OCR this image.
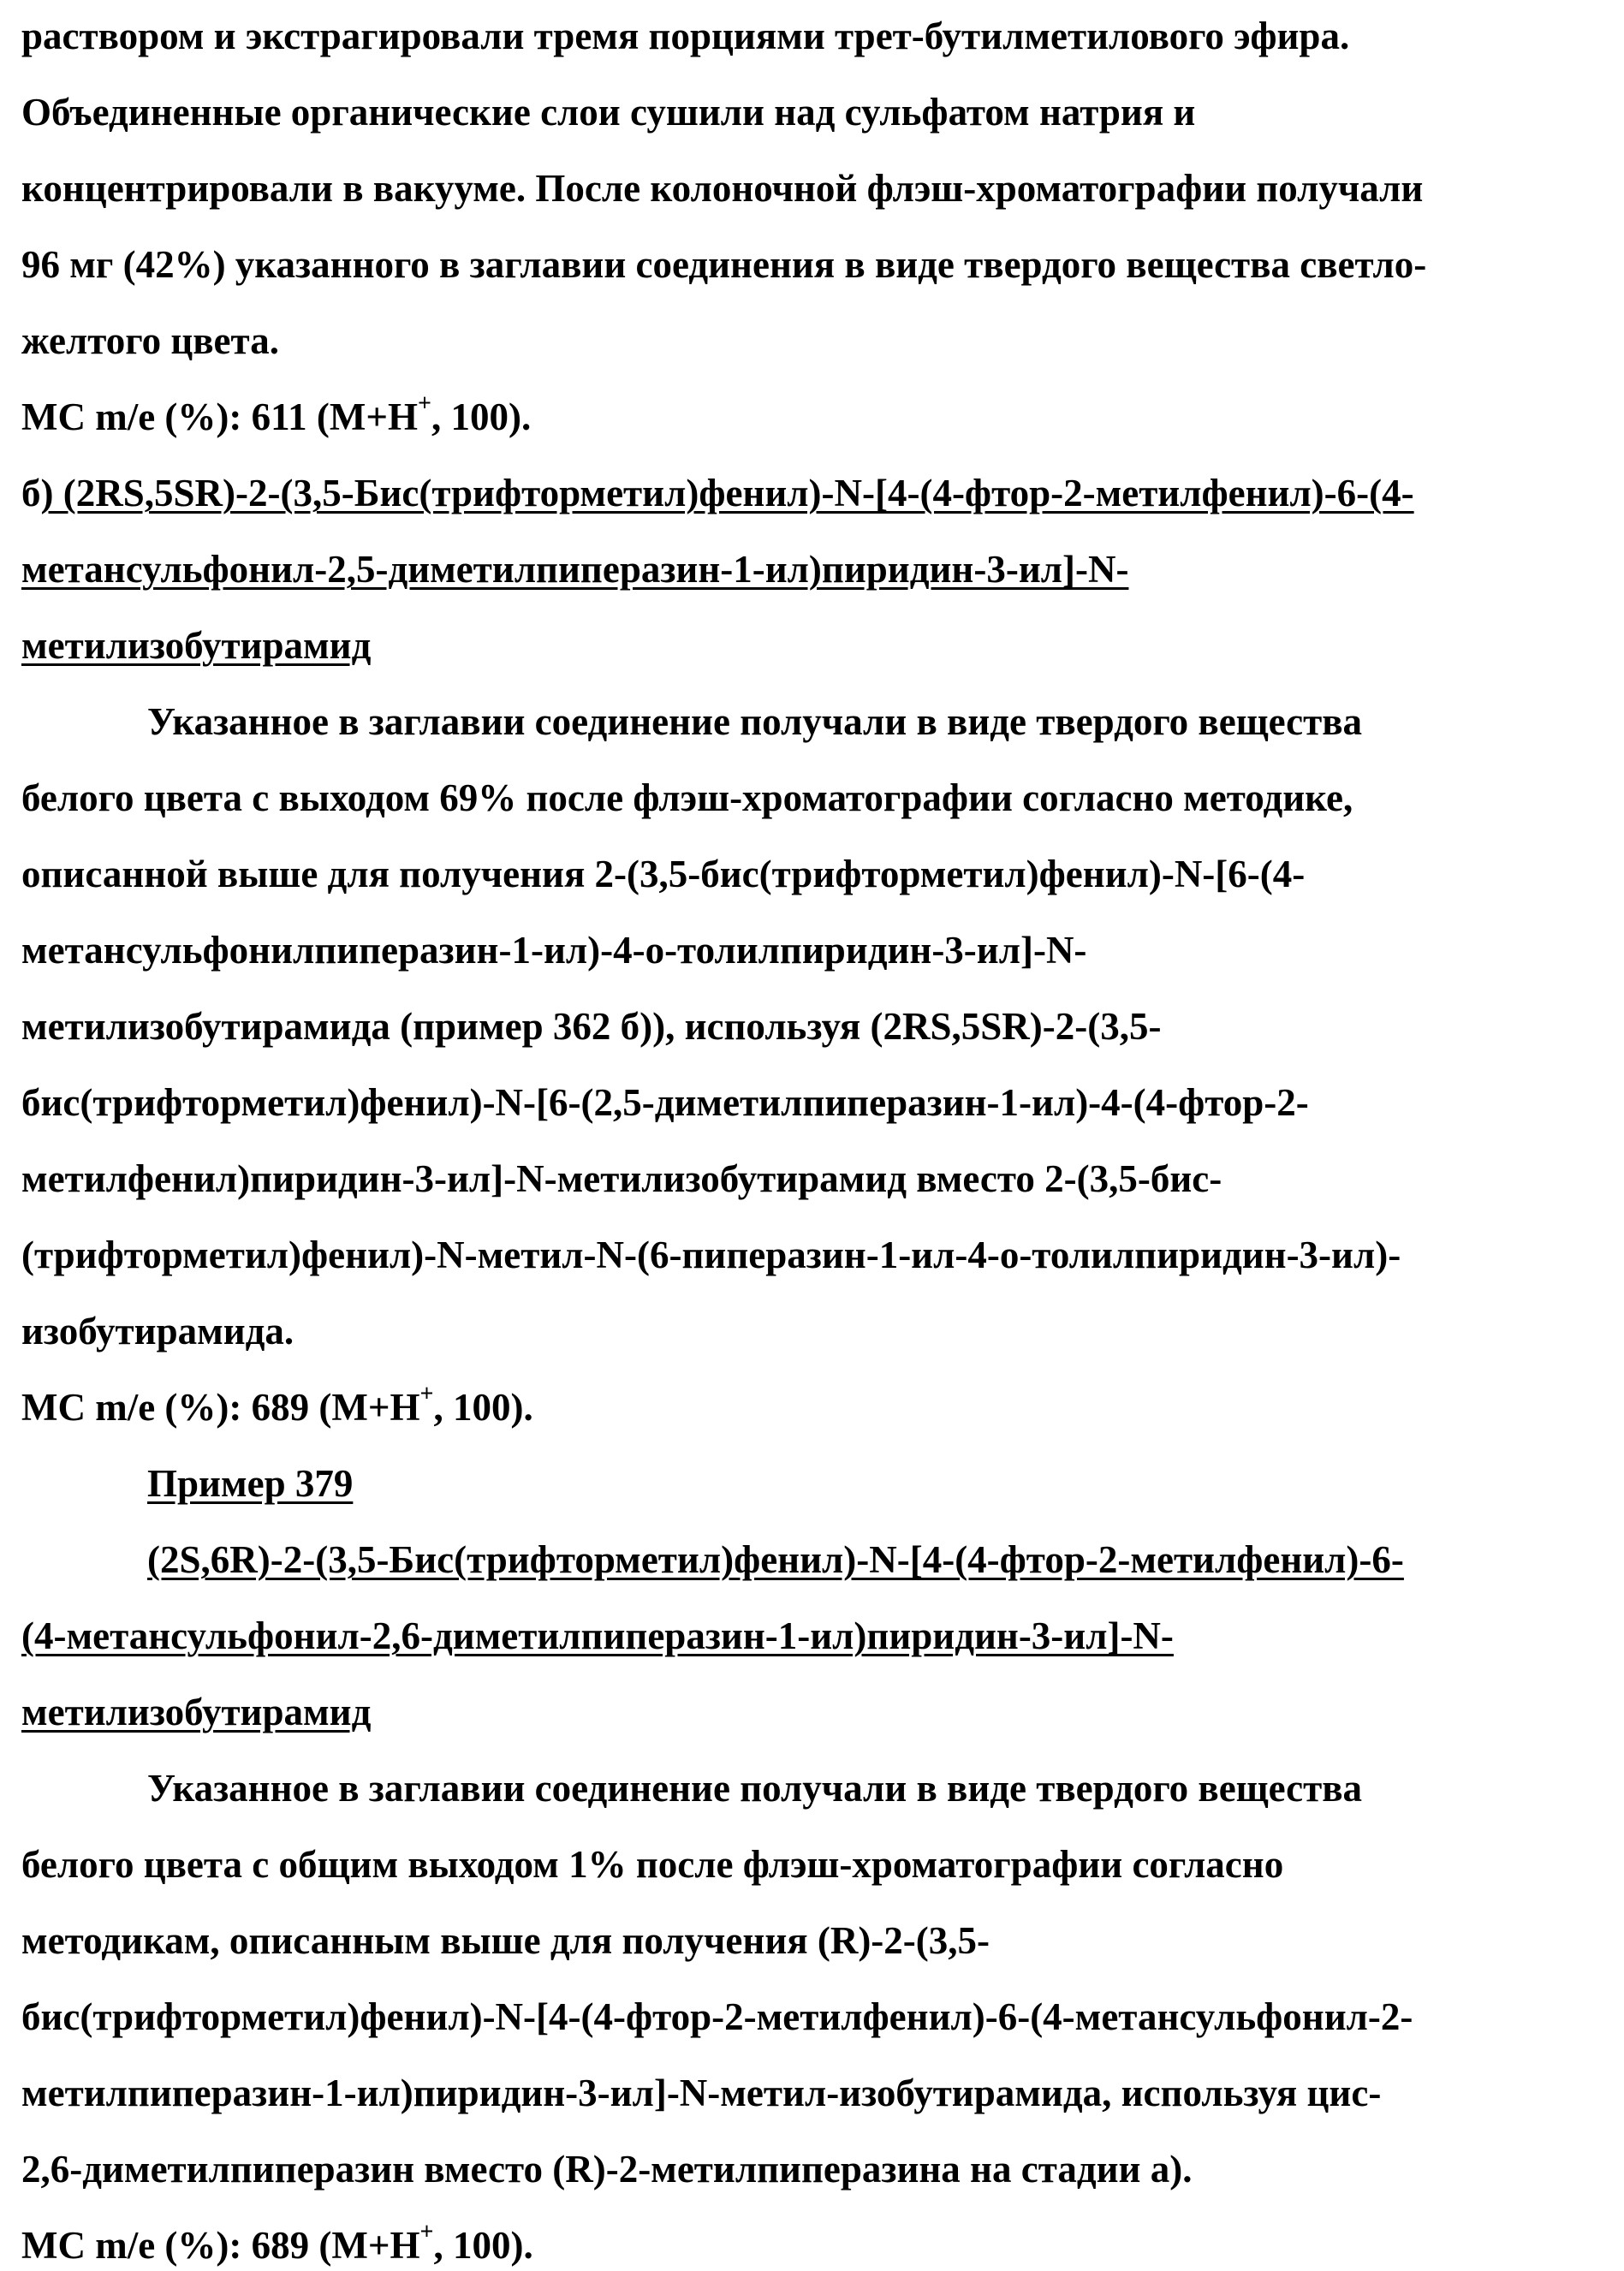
раствором и экстрагировали тремя порциями трет-бутилметилового эфира.
Объединенные органические слои сушили над сульфатом натрия и
концентрировали в вакууме. После колоночной флэш-хроматографии получали
96 мг (42%) указанного в заглавии соединения в виде твердого вещества светло-
желтого цвета.
МС m/e (%): 611 (М+Н+, 100).
б) (2RS,5SR)-2-(3,5-Бис(трифторметил)фенил)-N-[4-(4-фтор-2-метилфенил)-6-(4-
метансульфонил-2,5-диметилпиперазин-1-ил)пиридин-3-ил]-N-
метилизобутирамид
Указанное в заглавии соединение получали в виде твердого вещества
белого цвета с выходом 69% после флэш-хроматографии согласно методике,
описанной выше для получения 2-(3,5-бис(трифторметил)фенил)-N-[6-(4-
метансульфонилпиперазин-1-ил)-4-о-толилпиридин-3-ил]-N-
метилизобутирамида (пример 362 б)), используя (2RS,5SR)-2-(3,5-
бис(трифторметил)фенил)-N-[6-(2,5-диметилпиперазин-1-ил)-4-(4-фтор-2-
метилфенил)пиридин-3-ил]-N-метилизобутирамид вместо 2-(3,5-бис-
(трифторметил)фенил)-N-метил-N-(6-пиперазин-1-ил-4-о-толилпиридин-3-ил)-
изобутирамида.
МС m/e (%): 689 (М+Н+, 100).
Пример 379
(2S,6R)-2-(3,5-Бис(трифторметил)фенил)-N-[4-(4-фтор-2-метилфенил)-6-
(4-метансульфонил-2,6-диметилпиперазин-1-ил)пиридин-3-ил]-N-
метилизобутирамид
Указанное в заглавии соединение получали в виде твердого вещества
белого цвета с общим выходом 1% после флэш-хроматографии согласно
методикам, описанным выше для получения (R)-2-(3,5-
бис(трифторметил)фенил)-N-[4-(4-фтор-2-метилфенил)-6-(4-метансульфонил-2-
метилпиперазин-1-ил)пиридин-3-ил]-N-метил-изобутирамида, используя цис-
2,6-диметилпиперазин вместо (R)-2-метилпиперазина на стадии а).
МС m/e (%): 689 (М+Н+, 100).
